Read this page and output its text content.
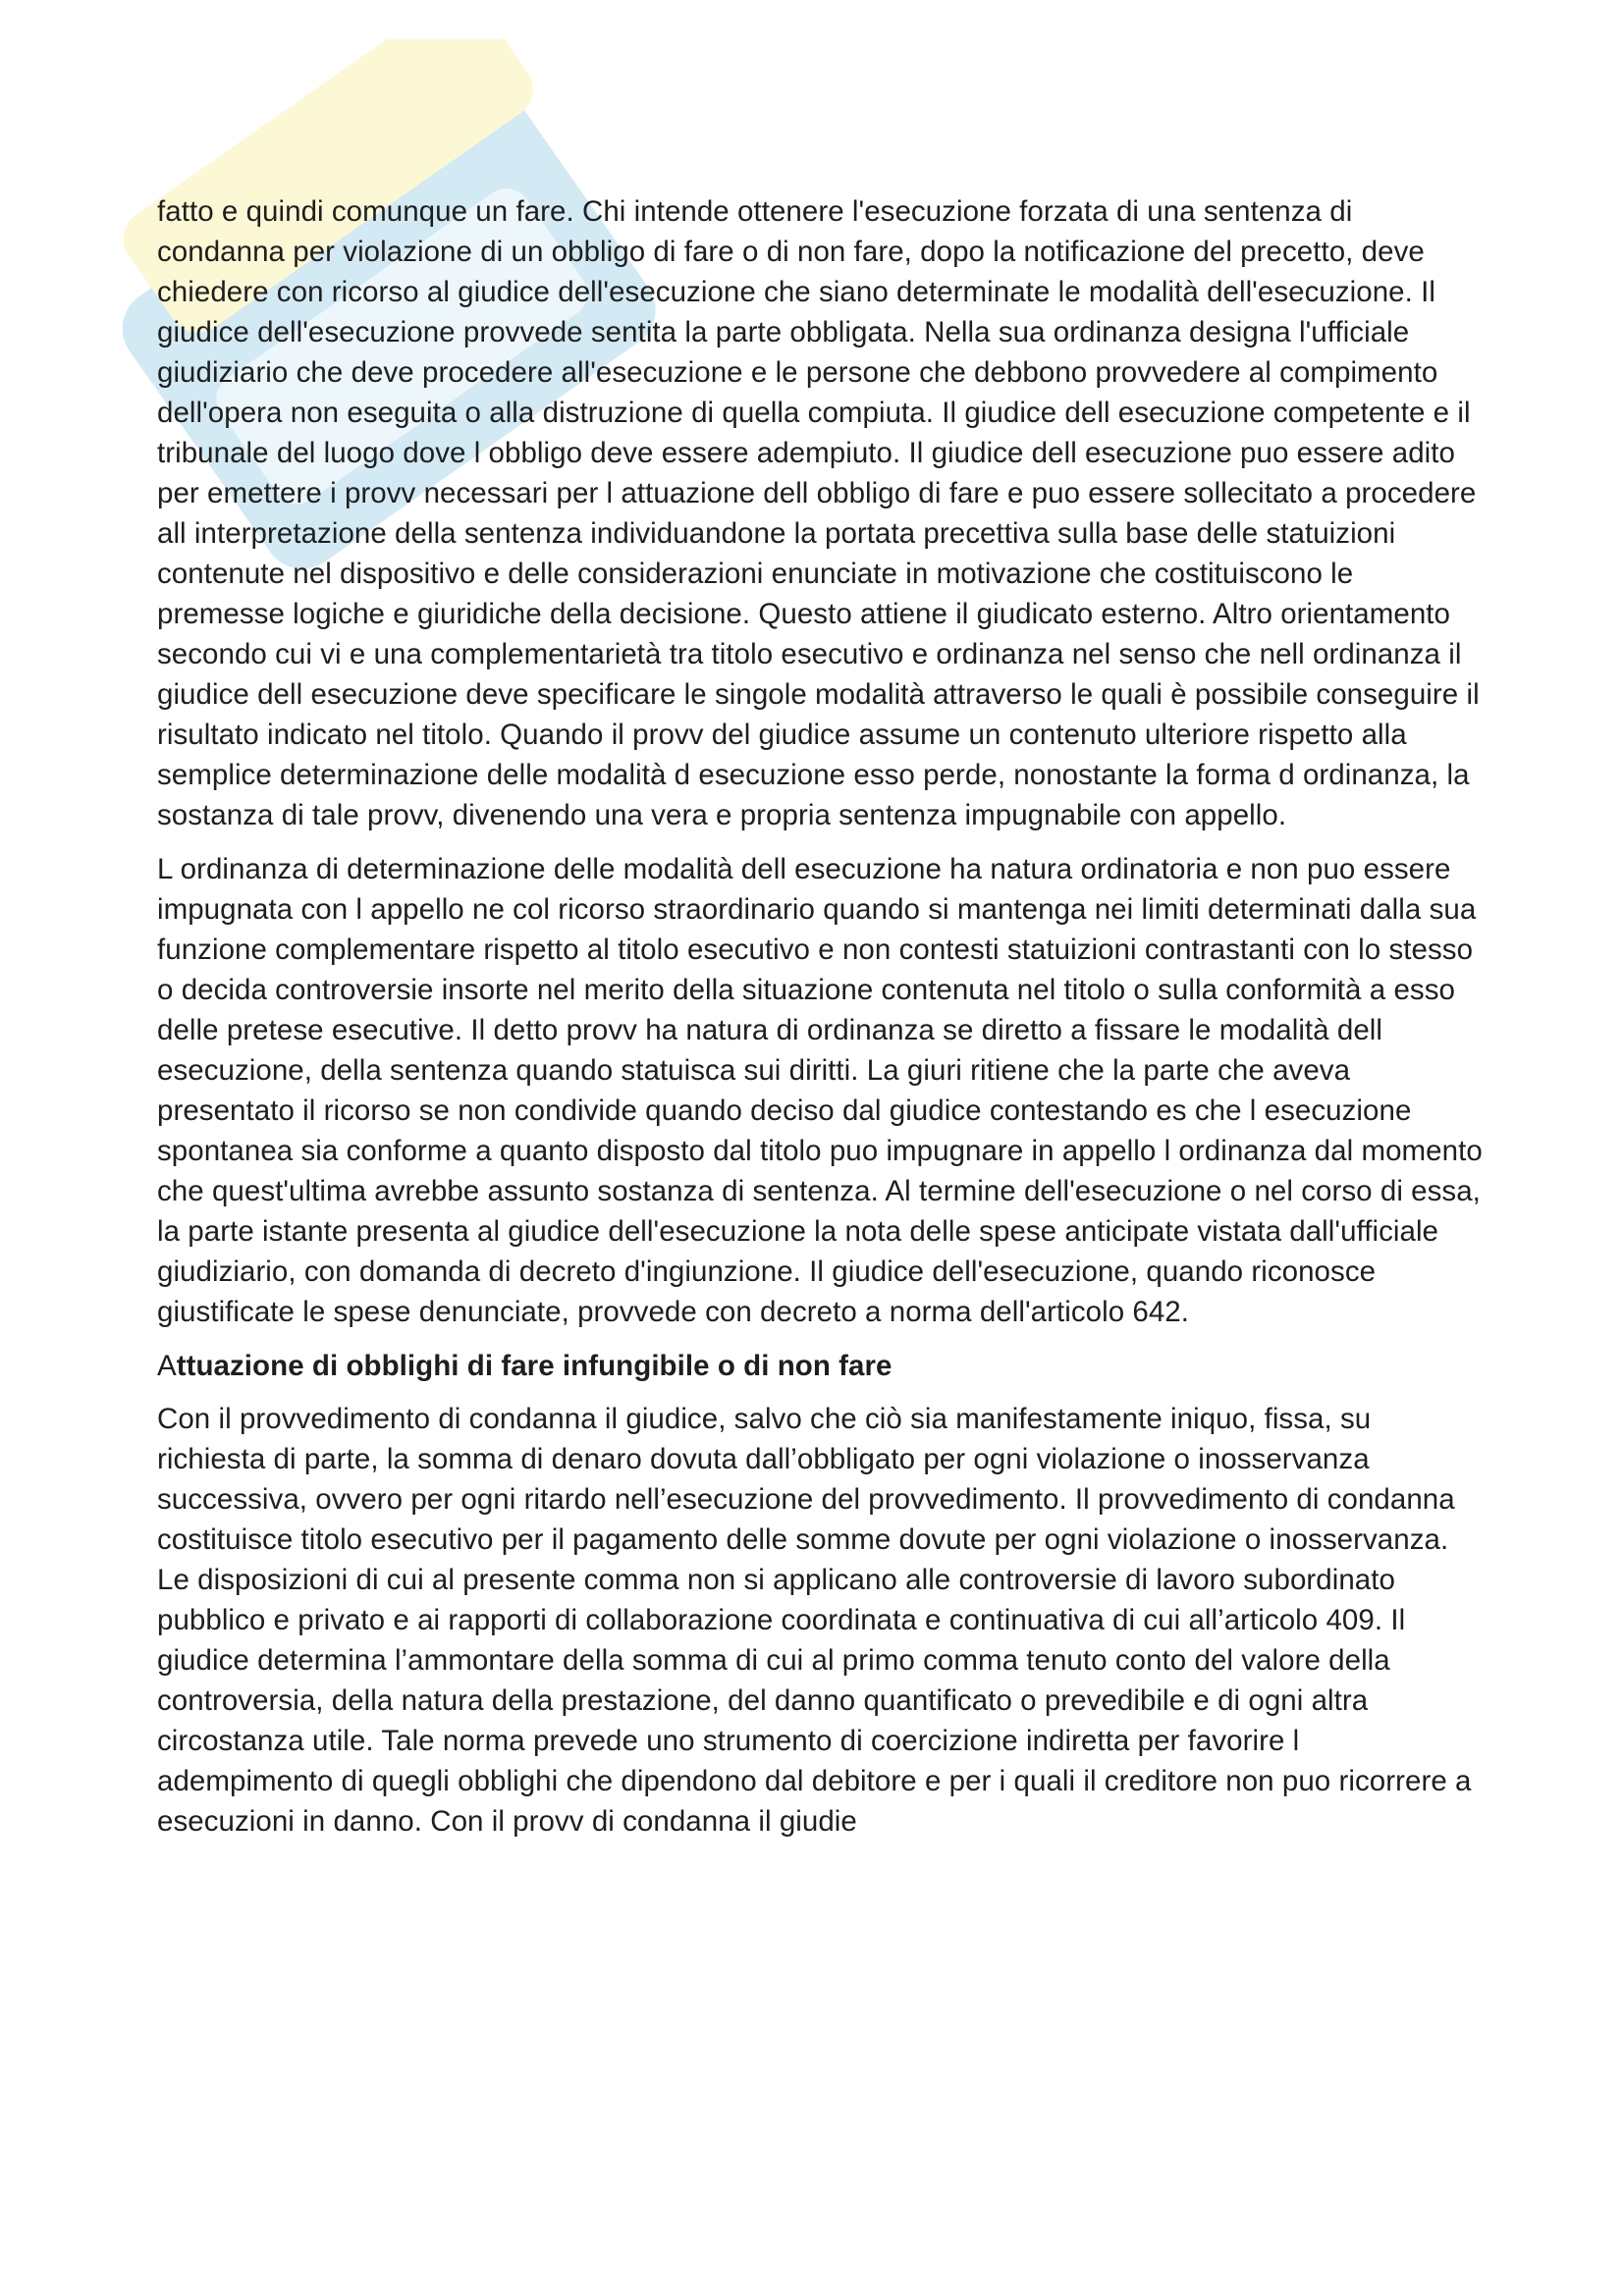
fatto e quindi comunque un fare. Chi intende ottenere l'esecuzione forzata di una sentenza di condanna per violazione di un obbligo di fare o di non fare, dopo la notificazione del precetto, deve chiedere con ricorso al giudice dell'esecuzione che siano determinate le modalità dell'esecuzione. Il giudice dell'esecuzione provvede sentita la parte obbligata. Nella sua ordinanza designa l'ufficiale giudiziario che deve procedere all'esecuzione e le persone che debbono provvedere al compimento dell'opera non eseguita o alla distruzione di quella compiuta. Il giudice dell esecuzione competente e il tribunale del luogo dove l obbligo deve essere adempiuto. Il giudice dell esecuzione puo essere adito per emettere i provv necessari per l attuazione dell obbligo di fare e puo essere sollecitato a procedere all interpretazione della sentenza individuandone la portata precettiva sulla base delle statuizioni contenute nel dispositivo e delle considerazioni enunciate in motivazione che costituiscono le premesse logiche e giuridiche della decisione. Questo attiene il giudicato esterno. Altro orientamento secondo cui vi e una complementarietà tra titolo esecutivo e ordinanza nel senso che nell ordinanza il giudice dell esecuzione deve specificare le singole modalità attraverso le quali è possibile conseguire il risultato indicato nel titolo. Quando il provv del giudice assume un contenuto ulteriore rispetto alla semplice determinazione delle modalità d esecuzione esso perde, nonostante la forma d ordinanza, la sostanza di tale provv, divenendo una vera e propria sentenza impugnabile con appello.

L ordinanza di determinazione delle modalità dell esecuzione ha natura ordinatoria e non puo essere impugnata con l appello ne col ricorso straordinario quando si mantenga nei limiti determinati dalla sua funzione complementare rispetto al titolo esecutivo e non contesti statuizioni contrastanti con lo stesso o decida controversie insorte nel merito della situazione contenuta nel titolo o sulla conformità a esso delle pretese esecutive. Il detto provv ha natura di ordinanza se diretto a fissare le modalità dell esecuzione, della sentenza quando statuisca sui diritti. La giuri ritiene che la parte che aveva presentato il ricorso se non condivide quando deciso dal giudice contestando es che l esecuzione spontanea sia conforme a quanto disposto dal titolo puo impugnare in appello l ordinanza dal momento che quest'ultima avrebbe assunto sostanza di sentenza. Al termine dell'esecuzione o nel corso di essa, la parte istante presenta al giudice dell'esecuzione la nota delle spese anticipate vistata dall'ufficiale giudiziario, con domanda di decreto d'ingiunzione. Il giudice dell'esecuzione, quando riconosce giustificate le spese denunciate, provvede con decreto a norma dell'articolo 642.

Attuazione di obblighi di fare infungibile o di non fare

Con il provvedimento di condanna il giudice, salvo che ciò sia manifestamente iniquo, fissa, su richiesta di parte, la somma di denaro dovuta dall’obbligato per ogni violazione o inosservanza successiva, ovvero per ogni ritardo nell’esecuzione del provvedimento. Il provvedimento di condanna costituisce titolo esecutivo per il pagamento delle somme dovute per ogni violazione o inosservanza. Le disposizioni di cui al presente comma non si applicano alle controversie di lavoro subordinato pubblico e privato e ai rapporti di collaborazione coordinata e continuativa di cui all’articolo 409. Il giudice determina l’ammontare della somma di cui al primo comma tenuto conto del valore della controversia, della natura della prestazione, del danno quantificato o prevedibile e di ogni altra circostanza utile. Tale norma prevede uno strumento di coercizione indiretta per favorire l adempimento di quegli obblighi che dipendono dal debitore e per i quali il creditore non puo ricorrere a esecuzioni in danno. Con il provv di condanna il giudie
